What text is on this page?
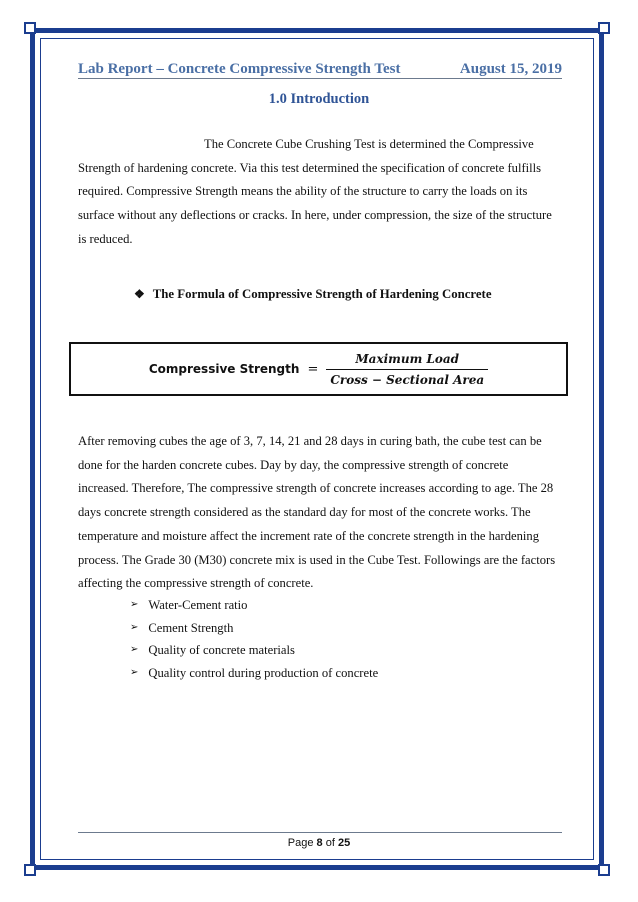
Lab Report – Concrete Compressive Strength Test	August 15, 2019
1.0 Introduction

The Concrete Cube Crushing Test is determined the Compressive Strength of hardening concrete. Via this test determined the specification of concrete fulfills required. Compressive Strength means the ability of the structure to carry the loads on its surface without any deflections or cracks. In here, under compression, the size of the structure is reduced.

❖ The Formula of Compressive Strength of Hardening Concrete
Compressive Strength = $\frac{\text{Maximum Load}}{\text{Cross − Sectional Area}}$

After removing cubes the age of 3, 7, 14, 21 and 28 days in curing bath, the cube test can be done for the harden concrete cubes. Day by day, the compressive strength of concrete increased. Therefore, The compressive strength of concrete increases according to age. The 28 days concrete strength considered as the standard day for most of the concrete works. The temperature and moisture affect the increment rate of the concrete strength in the hardening process. The Grade 30 (M30) concrete mix is used in the Cube Test. Followings are the factors affecting the compressive strength of concrete.

➢ Water-Cement ratio
➢ Cement Strength
➢ Quality of concrete materials
➢ Quality control during production of concrete
Page 8 of 25
